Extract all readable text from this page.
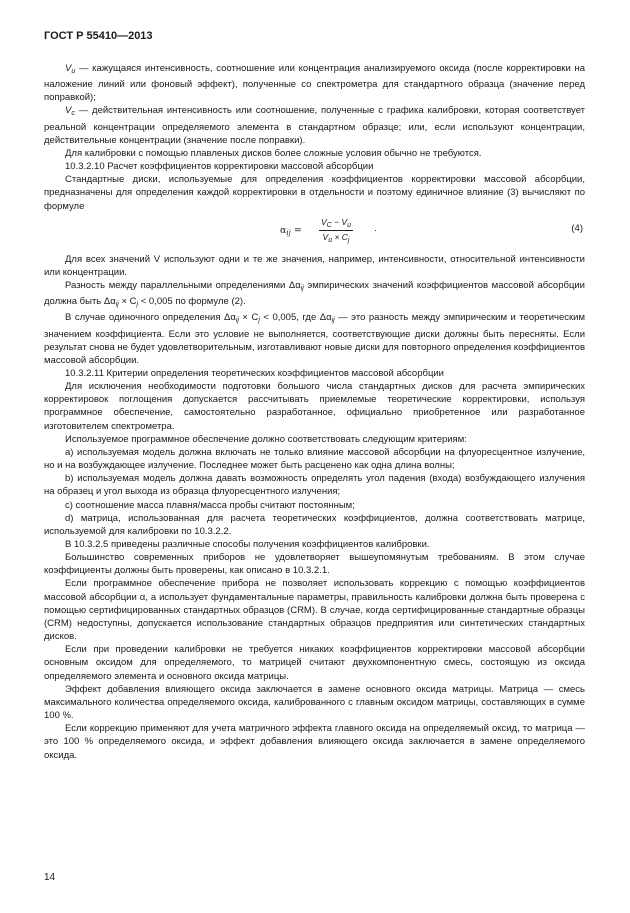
ГОСТ Р 55410—2013

$V_u$ — кажущаяся интенсивность, соотношение или концентрация анализируемого оксида (после корректировки на наложение линий или фоновый эффект), полученные со спектрометра для стандартного образца (значение перед поправкой);

$V_c$ — действительная интенсивность или соотношение, полученные с графика калибровки, которая соответствует реальной концентрации определяемого элемента в стандартном образце; или, если используют концентрации, действительные концентрации (значение после поправки).

Для калибровки с помощью плавленых дисков более сложные условия обычно не требуются.

10.3.2.10 Расчет коэффициентов корректировки массовой абсорбции

Стандартные диски, используемые для определения коэффициентов корректировки массовой абсорбции, предназначены для определения каждой корректировки в отдельности и поэтому единичное влияние (3) вычисляют по формуле

$\alpha_{ij} = \frac{V_C - V_u}{V_u \times C_j}$ ·	(4)

Для всех значений V используют одни и те же значения, например, интенсивности, относительной интенсивности или концентрации.

Разность между параллельными определениями $\Delta\alpha_{ij}$ эмпирических значений коэффициентов массовой абсорбции должна быть $\Delta\alpha_{ij} \times C_j < 0,005$ по формуле (2).

В случае одиночного определения $\Delta\alpha_{ij} \times C_j < 0,005$, где $\Delta\alpha_{ij}$ — это разность между эмпирическим и теоретическим значением коэффициента. Если это условие не выполняется, соответствующие диски должны быть пересняты. Если результат снова не будет удовлетворительным, изготавливают новые диски для повторного определения коэффициентов массовой абсорбции.

10.3.2.11 Критерии определения теоретических коэффициентов массовой абсорбции

Для исключения необходимости подготовки большого числа стандартных дисков для расчета эмпирических корректировок поглощения допускается рассчитывать приемлемые теоретические корректировки, используя программное обеспечение, самостоятельно разработанное, официально приобретенное или разработанное изготовителем спектрометра.

Используемое программное обеспечение должно соответствовать следующим критериям:

а) используемая модель должна включать не только влияние массовой абсорбции на флуоресцентное излучение, но и на возбуждающее излучение. Последнее может быть расценено как одна длина волны;

b) используемая модель должна давать возможность определять угол падения (входа) возбуждающего излучения на образец и угол выхода из образца флуоресцентного излучения;

с) соотношение масса плавня/масса пробы считают постоянным;

d) матрица, использованная для расчета теоретических коэффициентов, должна соответствовать матрице, используемой для калибровки по 10.3.2.2.

В 10.3.2.5 приведены различные способы получения коэффициентов калибровки.

Большинство современных приборов не удовлетворяет вышеупомянутым требованиям. В этом случае коэффициенты должны быть проверены, как описано в 10.3.2.1.

Если программное обеспечение прибора не позволяет использовать коррекцию с помощью коэффициентов массовой абсорбции α, а использует фундаментальные параметры, правильность калибровки должна быть проверена с помощью сертифицированных стандартных образцов (CRM). В случае, когда сертифицированные стандартные образцы (CRM) недоступны, допускается использование стандартных образцов предприятия или синтетических стандартных дисков.

Если при проведении калибровки не требуется никаких коэффициентов корректировки массовой абсорбции основным оксидом для определяемого, то матрицей считают двухкомпонентную смесь, состоящую из оксида определяемого элемента и основного оксида матрицы.

Эффект добавления влияющего оксида заключается в замене основного оксида матрицы. Матрица — смесь максимального количества определяемого оксида, калиброванного с главным оксидом матрицы, составляющих в сумме 100 %.

Если коррекцию применяют для учета матричного эффекта главного оксида на определяемый оксид, то матрица — это 100 % определяемого оксида, и эффект добавления влияющего оксида заключается в замене определяемого оксида.

14
